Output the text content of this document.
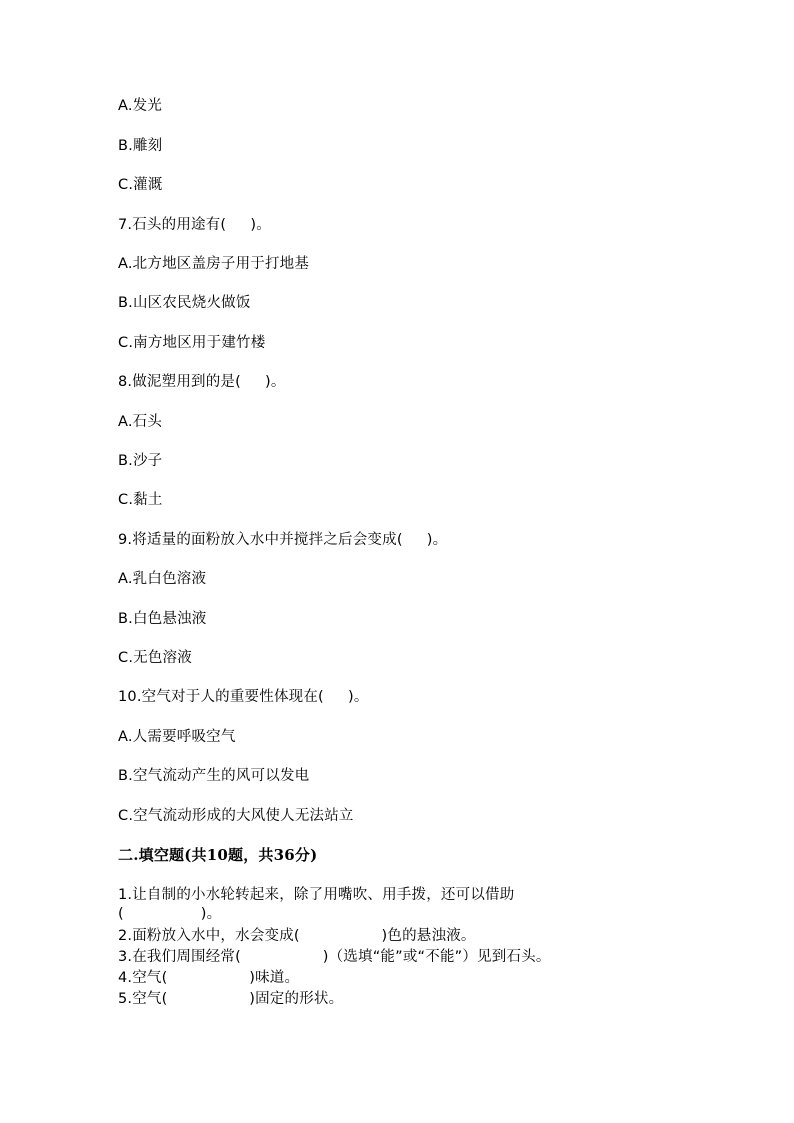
A.发光
B.雕刻
C.灌溉
7.石头的用途有(     )。
A.北方地区盖房子用于打地基
B.山区农民烧火做饭
C.南方地区用于建竹楼
8.做泥塑用到的是(     )。
A.石头
B.沙子
C.黏土
9.将适量的面粉放入水中并搅拌之后会变成(     )。
A.乳白色溶液
B.白色悬浊液
C.无色溶液
10.空气对于人的重要性体现在(     )。
A.人需要呼吸空气
B.空气流动产生的风可以发电
C.空气流动形成的大风使人无法站立
二.填空题(共10题，共36分)
1.让自制的小水轮转起来，除了用嘴吹、用手拨，还可以借助
(                )。
2.面粉放入水中，水会变成(                 )色的悬浊液。
3.在我们周围经常(                 )（选填“能”或“不能”）见到石头。
4.空气(                 )味道。
5.空气(                 )固定的形状。
